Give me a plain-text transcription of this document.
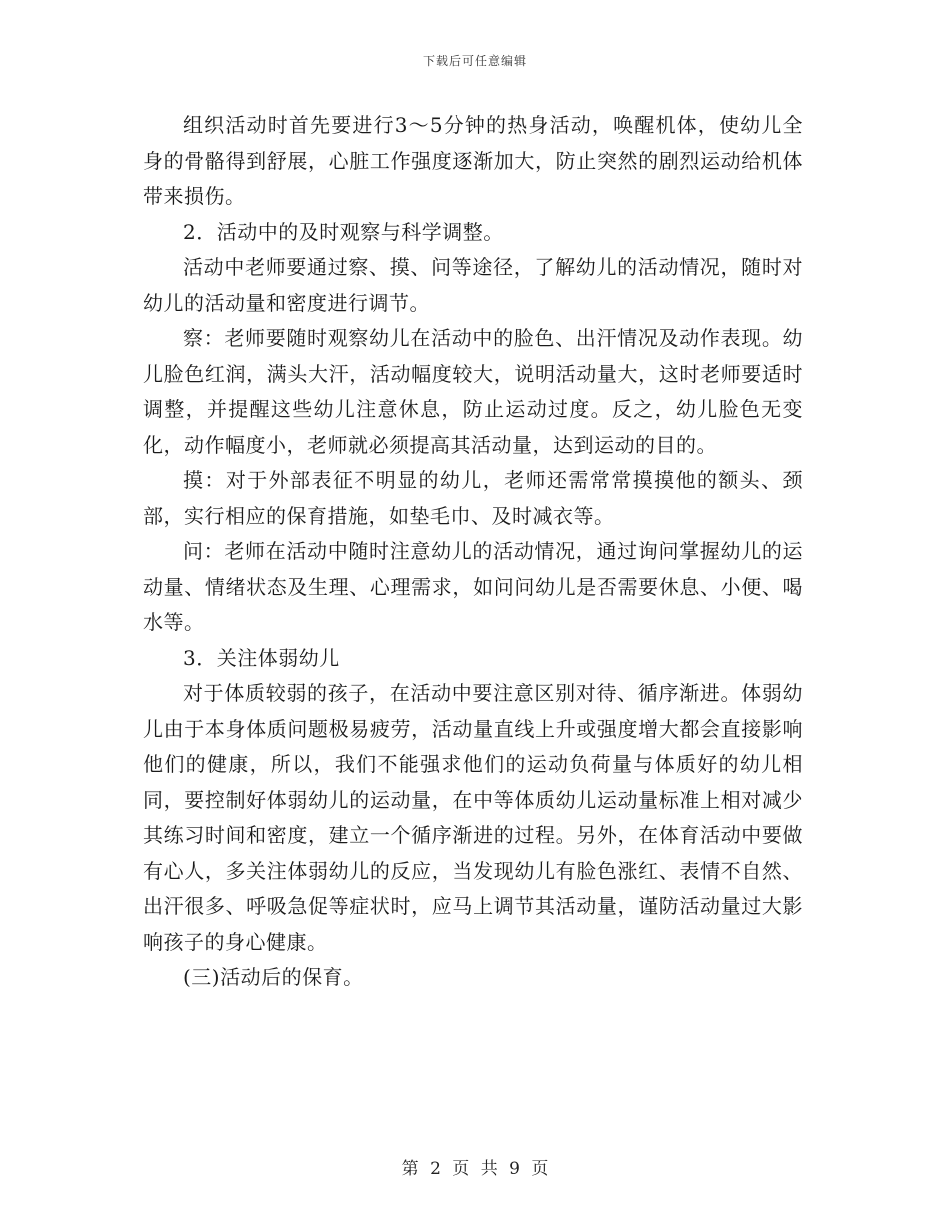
下载后可任意编辑

组织活动时首先要进行3～5分钟的热身活动，唤醒机体，使幼儿全身的骨骼得到舒展，心脏工作强度逐渐加大，防止突然的剧烈运动给机体带来损伤。

2．活动中的及时观察与科学调整。

活动中老师要通过察、摸、问等途径，了解幼儿的活动情况，随时对幼儿的活动量和密度进行调节。

察：老师要随时观察幼儿在活动中的脸色、出汗情况及动作表现。幼儿脸色红润，满头大汗，活动幅度较大，说明活动量大，这时老师要适时调整，并提醒这些幼儿注意休息，防止运动过度。反之，幼儿脸色无变化，动作幅度小，老师就必须提高其活动量，达到运动的目的。

摸：对于外部表征不明显的幼儿，老师还需常常摸摸他的额头、颈部，实行相应的保育措施，如垫毛巾、及时减衣等。

问：老师在活动中随时注意幼儿的活动情况，通过询问掌握幼儿的运动量、情绪状态及生理、心理需求，如问问幼儿是否需要休息、小便、喝水等。

3．关注体弱幼儿

对于体质较弱的孩子，在活动中要注意区别对待、循序渐进。体弱幼儿由于本身体质问题极易疲劳，活动量直线上升或强度增大都会直接影响他们的健康，所以，我们不能强求他们的运动负荷量与体质好的幼儿相同，要控制好体弱幼儿的运动量，在中等体质幼儿运动量标准上相对减少其练习时间和密度，建立一个循序渐进的过程。另外，在体育活动中要做有心人，多关注体弱幼儿的反应，当发现幼儿有脸色涨红、表情不自然、出汗很多、呼吸急促等症状时，应马上调节其活动量，谨防活动量过大影响孩子的身心健康。

(三)活动后的保育。

第 2 页 共 9 页
